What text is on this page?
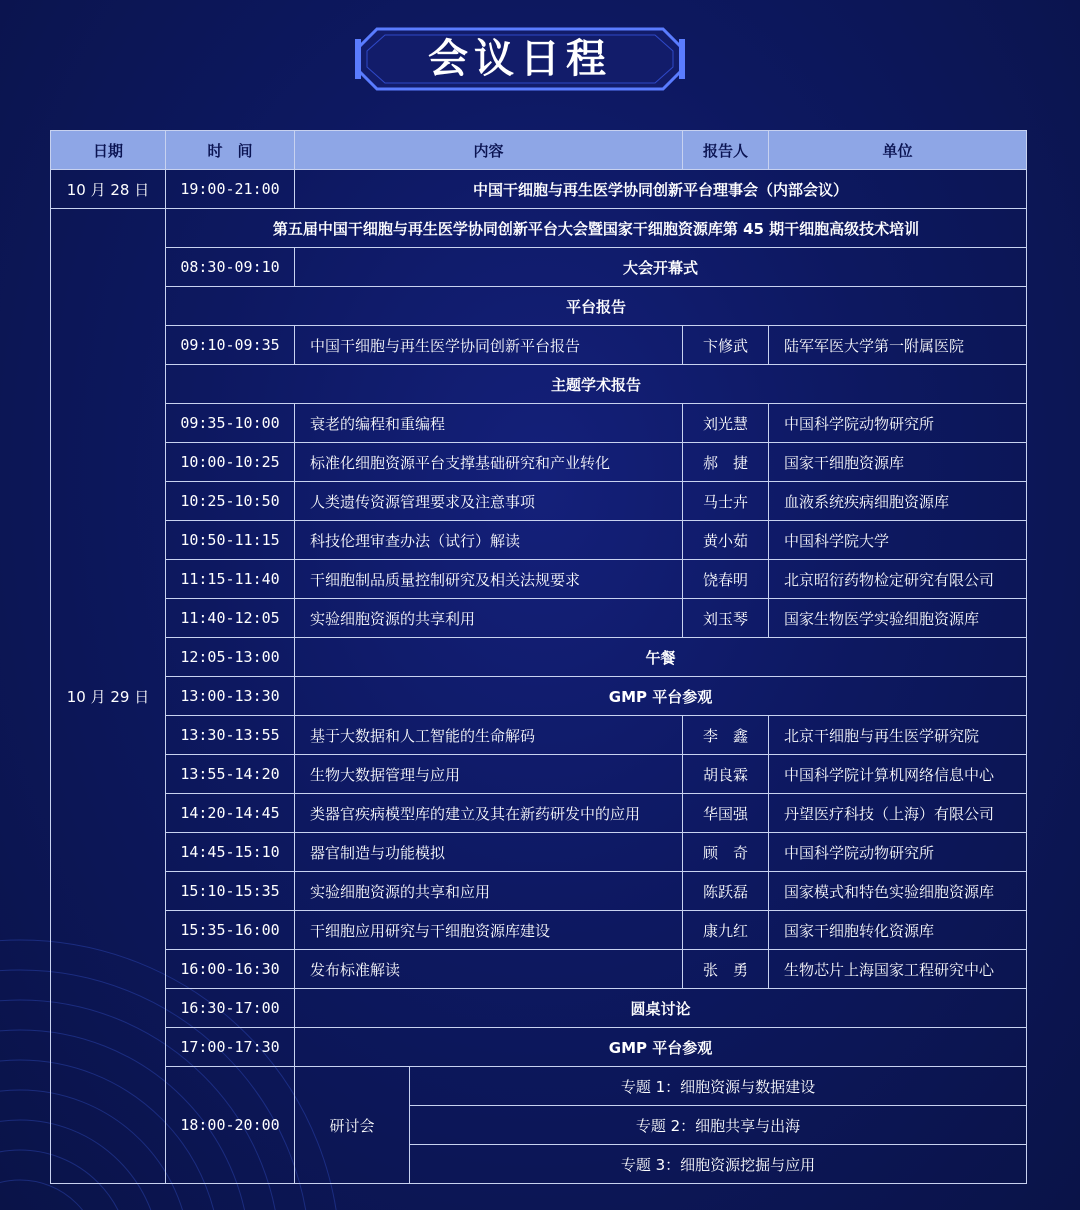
会议日程
日期	时　间	内容		报告人	单位
10 月 28 日	19:00-21:00	中国干细胞与再生医学协同创新平台理事会（内部会议）			
10 月 29 日	第五届中国干细胞与再生医学协同创新平台大会暨国家干细胞资源库第 45 期干细胞高级技术培训				
	08:30-09:10	大会开幕式			
	平台报告				
	09:10-09:35	中国干细胞与再生医学协同创新平台报告		卞修武	陆军军医大学第一附属医院
	主题学术报告				
	09:35-10:00	衰老的编程和重编程		刘光慧	中国科学院动物研究所
	10:00-10:25	标准化细胞资源平台支撑基础研究和产业转化		郝　捷	国家干细胞资源库
	10:25-10:50	人类遗传资源管理要求及注意事项		马士卉	血液系统疾病细胞资源库
	10:50-11:15	科技伦理审查办法（试行）解读		黄小茹	中国科学院大学
	11:15-11:40	干细胞制品质量控制研究及相关法规要求		饶春明	北京昭衍药物检定研究有限公司
	11:40-12:05	实验细胞资源的共享利用		刘玉琴	国家生物医学实验细胞资源库
	12:05-13:00	午餐			
	13:00-13:30	GMP 平台参观			
	13:30-13:55	基于大数据和人工智能的生命解码		李　鑫	北京干细胞与再生医学研究院
	13:55-14:20	生物大数据管理与应用		胡良霖	中国科学院计算机网络信息中心
	14:20-14:45	类器官疾病模型库的建立及其在新药研发中的应用		华国强	丹望医疗科技（上海）有限公司
	14:45-15:10	器官制造与功能模拟		顾　奇	中国科学院动物研究所
	15:10-15:35	实验细胞资源的共享和应用		陈跃磊	国家模式和特色实验细胞资源库
	15:35-16:00	干细胞应用研究与干细胞资源库建设		康九红	国家干细胞转化资源库
	16:00-16:30	发布标准解读		张　勇	生物芯片上海国家工程研究中心
	16:30-17:00	圆桌讨论			
	17:00-17:30	GMP 平台参观			
	18:00-20:00	研讨会	专题 1：细胞资源与数据建设		
			专题 2：细胞共享与出海		
			专题 3：细胞资源挖掘与应用		
